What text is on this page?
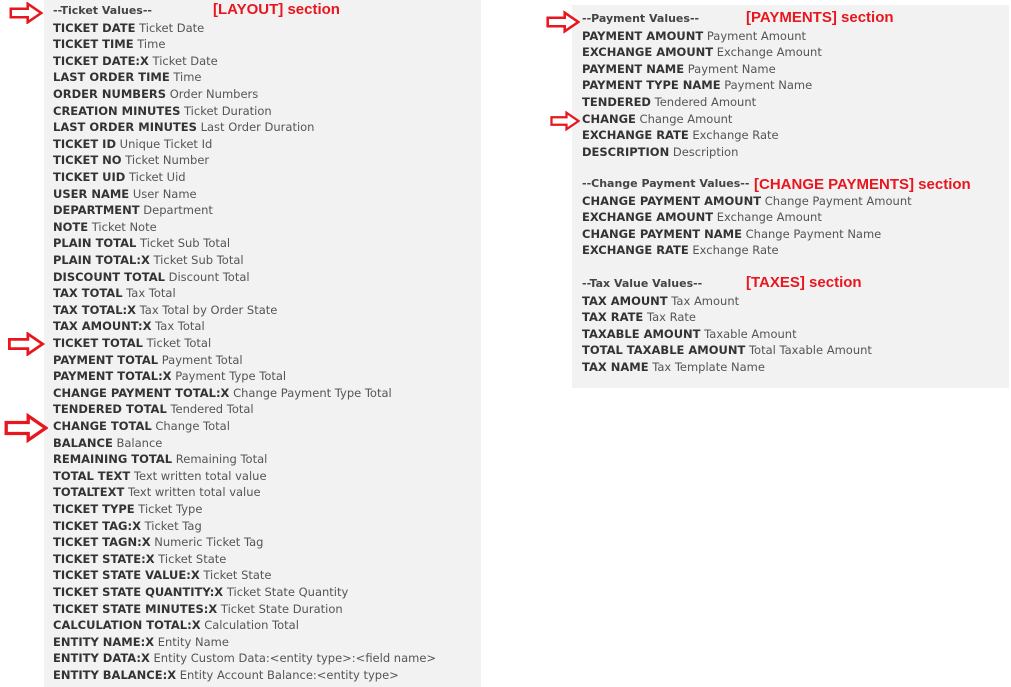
--Ticket Values--
TICKET DATE Ticket Date
TICKET TIME Time
TICKET DATE:X Ticket Date
LAST ORDER TIME Time
ORDER NUMBERS Order Numbers
CREATION MINUTES Ticket Duration
LAST ORDER MINUTES Last Order Duration
TICKET ID Unique Ticket Id
TICKET NO Ticket Number
TICKET UID Ticket Uid
USER NAME User Name
DEPARTMENT Department
NOTE Ticket Note
PLAIN TOTAL Ticket Sub Total
PLAIN TOTAL:X Ticket Sub Total
DISCOUNT TOTAL Discount Total
TAX TOTAL Tax Total
TAX TOTAL:X Tax Total by Order State
TAX AMOUNT:X Tax Total
TICKET TOTAL Ticket Total
PAYMENT TOTAL Payment Total
PAYMENT TOTAL:X Payment Type Total
CHANGE PAYMENT TOTAL:X Change Payment Type Total
TENDERED TOTAL Tendered Total
CHANGE TOTAL Change Total
BALANCE Balance
REMAINING TOTAL Remaining Total
TOTAL TEXT Text written total value
TOTALTEXT Text written total value
TICKET TYPE Ticket Type
TICKET TAG:X Ticket Tag
TICKET TAGN:X Numeric Ticket Tag
TICKET STATE:X Ticket State
TICKET STATE VALUE:X Ticket State
TICKET STATE QUANTITY:X Ticket State Quantity
TICKET STATE MINUTES:X Ticket State Duration
CALCULATION TOTAL:X Calculation Total
ENTITY NAME:X Entity Name
ENTITY DATA:X Entity Custom Data:<entity type>:<field name>
ENTITY BALANCE:X Entity Account Balance:<entity type>
[LAYOUT] section
--Payment Values--
PAYMENT AMOUNT Payment Amount
EXCHANGE AMOUNT Exchange Amount
PAYMENT NAME Payment Name
PAYMENT TYPE NAME Payment Name
TENDERED Tendered Amount
CHANGE Change Amount
EXCHANGE RATE Exchange Rate
DESCRIPTION Description
[PAYMENTS] section
--Change Payment Values--
CHANGE PAYMENT AMOUNT Change Payment Amount
EXCHANGE AMOUNT Exchange Amount
CHANGE PAYMENT NAME Change Payment Name
EXCHANGE RATE Exchange Rate
[CHANGE PAYMENTS] section
--Tax Value Values--
TAX AMOUNT Tax Amount
TAX RATE Tax Rate
TAXABLE AMOUNT Taxable Amount
TOTAL TAXABLE AMOUNT Total Taxable Amount
TAX NAME Tax Template Name
[TAXES] section
